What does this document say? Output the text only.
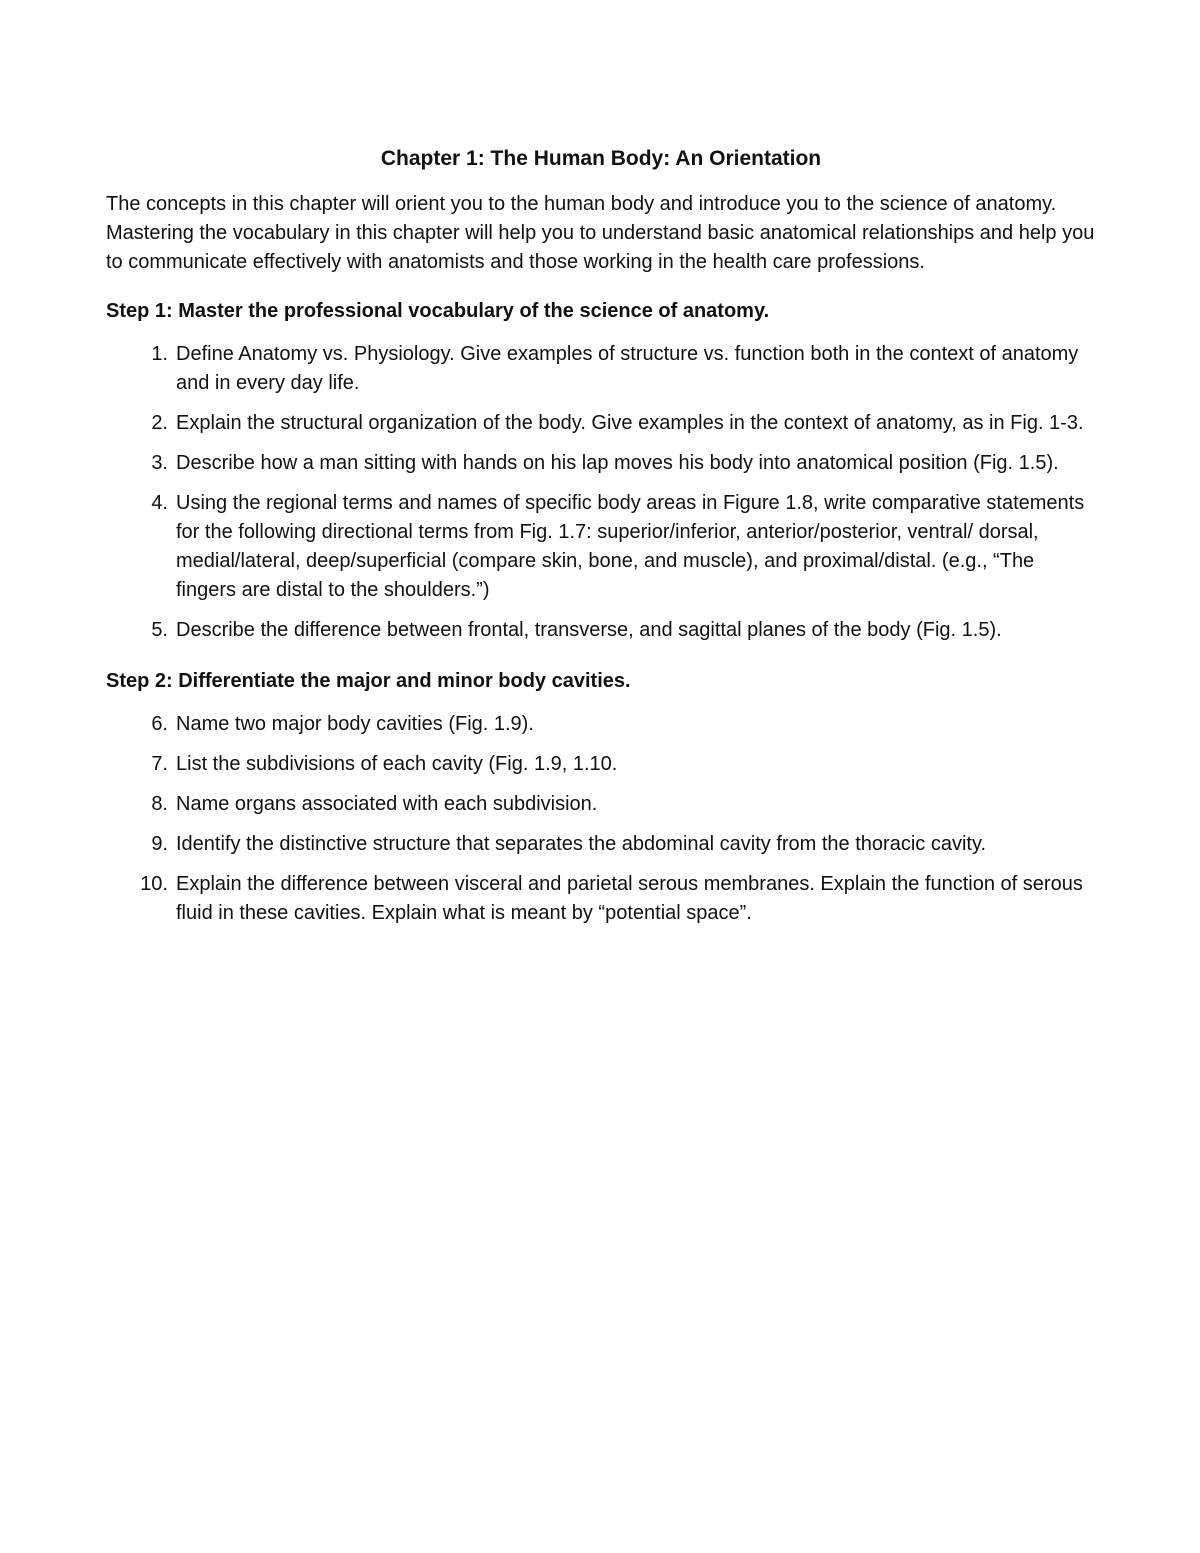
Chapter 1: The Human Body: An Orientation

The concepts in this chapter will orient you to the human body and introduce you to the science of anatomy. Mastering the vocabulary in this chapter will help you to understand basic anatomical relationships and help you to communicate effectively with anatomists and those working in the health care professions.

Step 1: Master the professional vocabulary of the science of anatomy.
1. Define Anatomy vs. Physiology. Give examples of structure vs. function both in the context of anatomy and in every day life.
2. Explain the structural organization of the body. Give examples in the context of anatomy, as in Fig. 1-3.
3. Describe how a man sitting with hands on his lap moves his body into anatomical position (Fig. 1.5).
4. Using the regional terms and names of specific body areas in Figure 1.8, write comparative statements for the following directional terms from Fig. 1.7: superior/inferior, anterior/posterior, ventral/ dorsal, medial/lateral, deep/superficial (compare skin, bone, and muscle), and proximal/distal. (e.g., “The fingers are distal to the shoulders.”)
5. Describe the difference between frontal, transverse, and sagittal planes of the body (Fig. 1.5).
Step 2: Differentiate the major and minor body cavities.
6. Name two major body cavities (Fig. 1.9).
7. List the subdivisions of each cavity (Fig. 1.9, 1.10.
8. Name organs associated with each subdivision.
9. Identify the distinctive structure that separates the abdominal cavity from the thoracic cavity.
10. Explain the difference between visceral and parietal serous membranes. Explain the function of serous fluid in these cavities. Explain what is meant by “potential space”.
